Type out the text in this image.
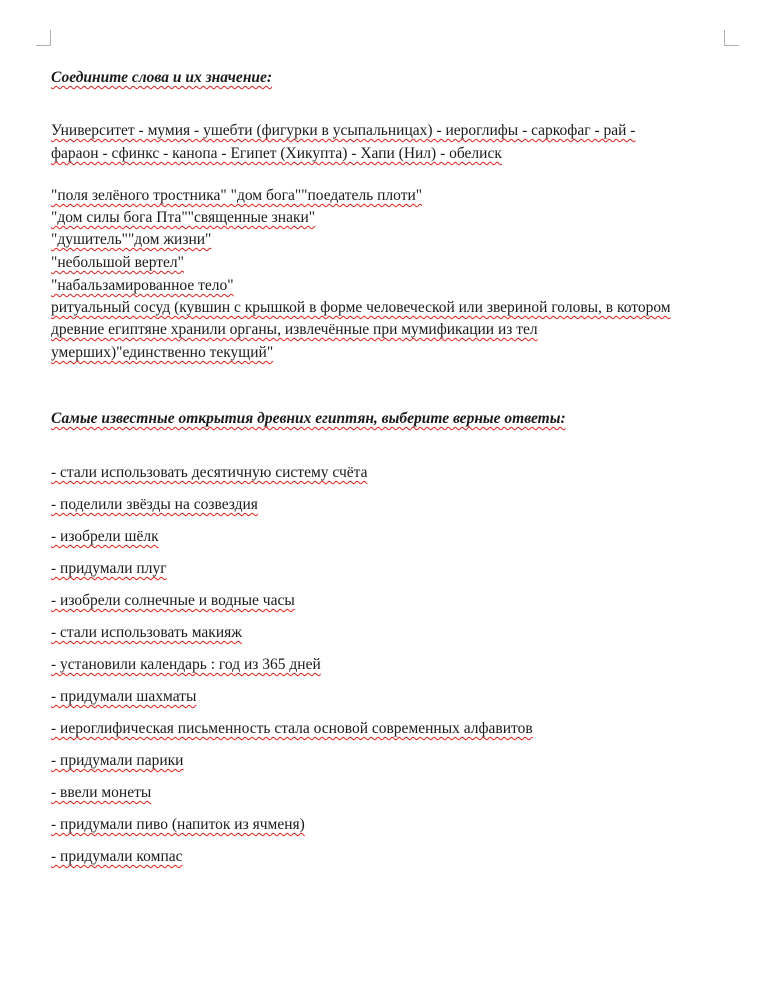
Соедините слова и их значение:
Университет - мумия - ушебти (фигурки в усыпальницах) - иероглифы - саркофаг - рай -
фараон - сфинкс - канопа - Египет (Хикупта) - Хапи (Нил) - обелиск
"поля зелёного тростника" "дом бога""поедатель плоти"
"дом силы бога Пта""священные знаки"
"душитель""дом жизни"
"небольшой вертел"
"набальзамированное тело"
ритуальный сосуд (кувшин с крышкой в форме человеческой или звериной головы, в котором
древние египтяне хранили органы, извлечённые при мумификации из тел
умерших)"единственно текущий"
Самые известные открытия древних египтян, выберите верные ответы:
- стали использовать десятичную систему счёта
- поделили звёзды на созвездия
- изобрели шёлк
- придумали плуг
- изобрели солнечные и водные часы
- стали использовать макияж
- установили календарь : год из 365 дней
- придумали шахматы
- иероглифическая письменность стала основой современных алфавитов
- придумали парики
- ввели монеты
- придумали пиво (напиток из ячменя)
- придумали компас
